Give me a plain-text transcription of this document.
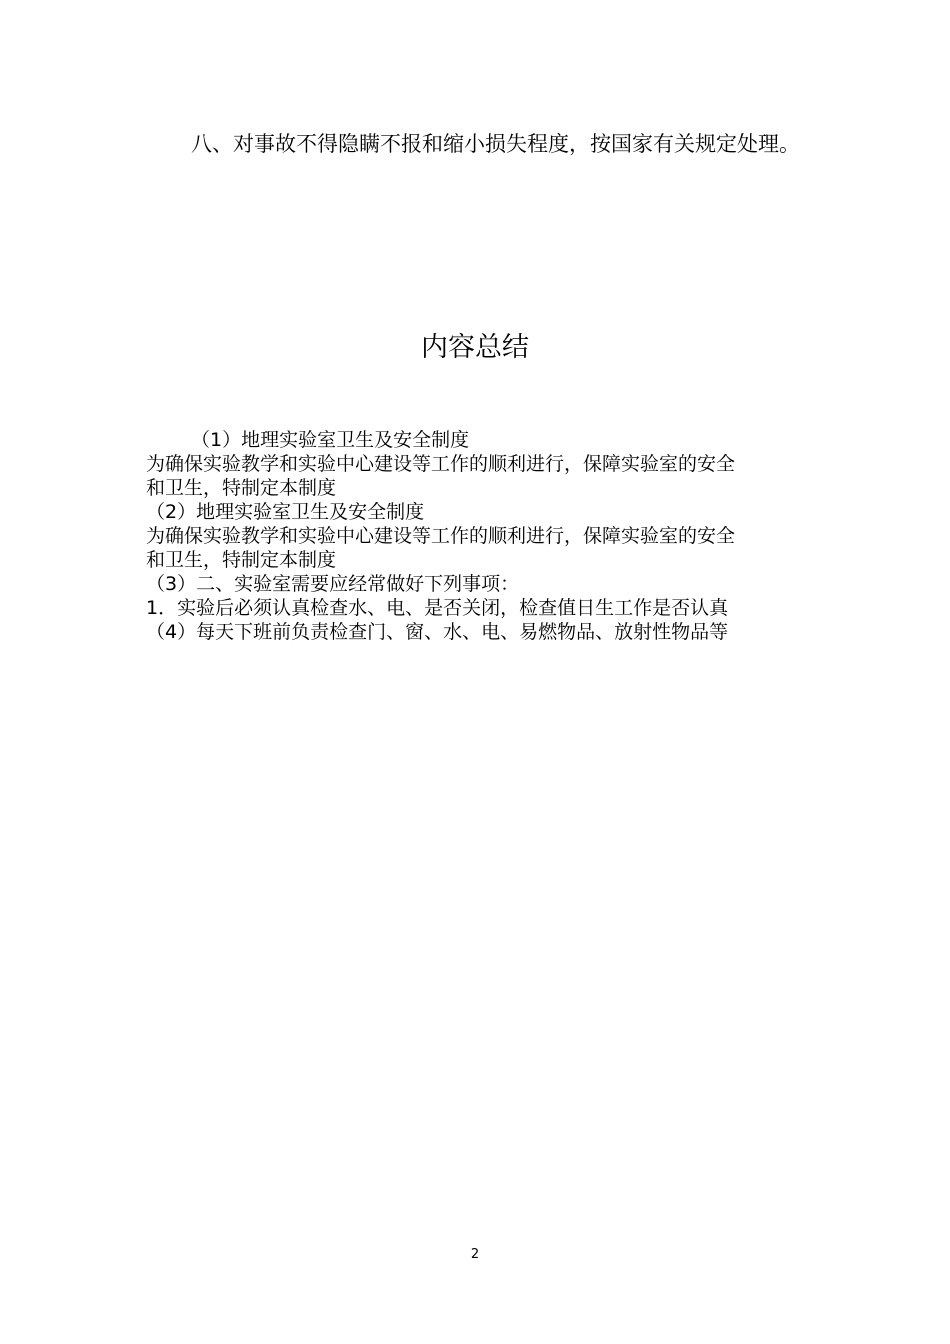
八、对事故不得隐瞒不报和缩小损失程度，按国家有关规定处理。

内容总结
（1）地理实验室卫生及安全制度
为确保实验教学和实验中心建设等工作的顺利进行，保障实验室的安全
和卫生，特制定本制度
（2）地理实验室卫生及安全制度
为确保实验教学和实验中心建设等工作的顺利进行，保障实验室的安全
和卫生，特制定本制度
（3）二、实验室需要应经常做好下列事项：
1．实验后必须认真检查水、电、是否关闭，检查值日生工作是否认真
（4）每天下班前负责检查门、窗、水、电、易燃物品、放射性物品等
2
